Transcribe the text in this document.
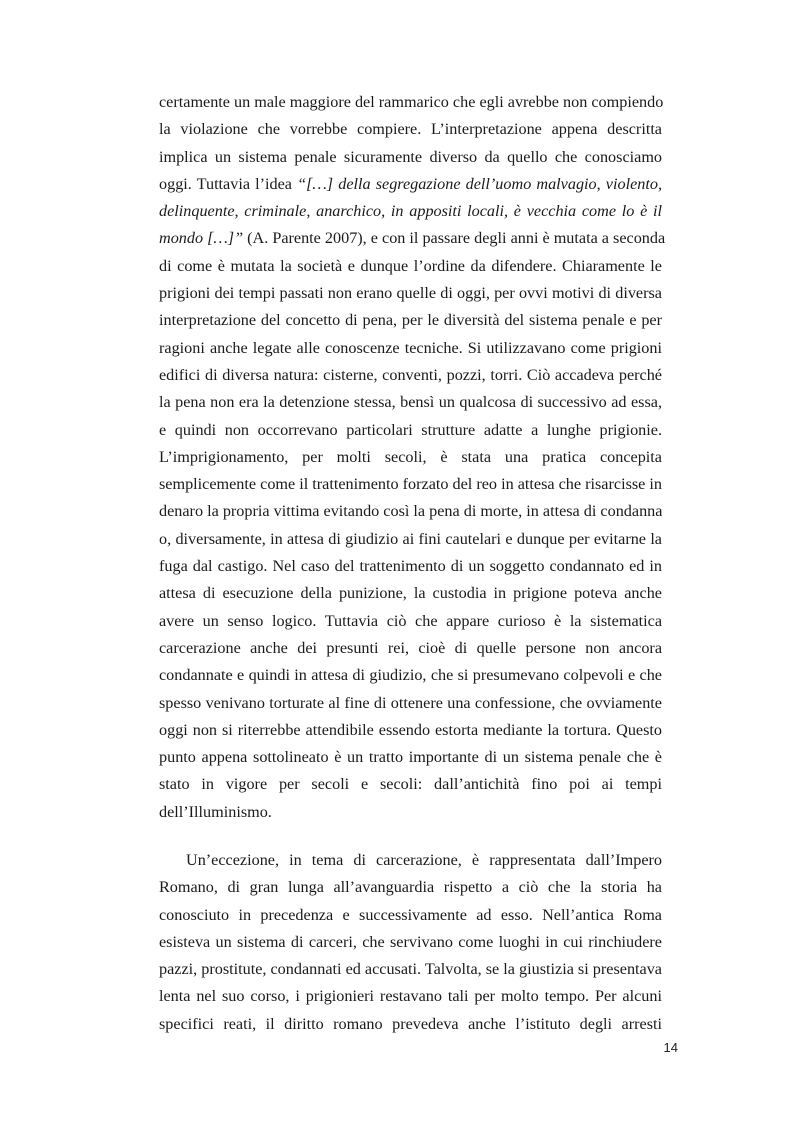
certamente un male maggiore del rammarico che egli avrebbe non compiendo
la violazione che vorrebbe compiere. L’interpretazione appena descritta
implica un sistema penale sicuramente diverso da quello che conosciamo
oggi. Tuttavia l’idea “[…] della segregazione dell’uomo malvagio, violento,
delinquente, criminale, anarchico, in appositi locali, è vecchia come lo è il
mondo […]” (A. Parente 2007), e con il passare degli anni è mutata a seconda
di come è mutata la società e dunque l’ordine da difendere. Chiaramente le
prigioni dei tempi passati non erano quelle di oggi, per ovvi motivi di diversa
interpretazione del concetto di pena, per le diversità del sistema penale e per
ragioni anche legate alle conoscenze tecniche. Si utilizzavano come prigioni
edifici di diversa natura: cisterne, conventi, pozzi, torri. Ciò accadeva perché
la pena non era la detenzione stessa, bensì un qualcosa di successivo ad essa,
e quindi non occorrevano particolari strutture adatte a lunghe prigionie.
L’imprigionamento, per molti secoli, è stata una pratica concepita
semplicemente come il trattenimento forzato del reo in attesa che risarcisse in
denaro la propria vittima evitando così la pena di morte, in attesa di condanna
o, diversamente, in attesa di giudizio ai fini cautelari e dunque per evitarne la
fuga dal castigo. Nel caso del trattenimento di un soggetto condannato ed in
attesa di esecuzione della punizione, la custodia in prigione poteva anche
avere un senso logico. Tuttavia ciò che appare curioso è la sistematica
carcerazione anche dei presunti rei, cioè di quelle persone non ancora
condannate e quindi in attesa di giudizio, che si presumevano colpevoli e che
spesso venivano torturate al fine di ottenere una confessione, che ovviamente
oggi non si riterrebbe attendibile essendo estorta mediante la tortura. Questo
punto appena sottolineato è un tratto importante di un sistema penale che è
stato in vigore per secoli e secoli: dall’antichità fino poi ai tempi
dell’Illuminismo.
Un’eccezione, in tema di carcerazione, è rappresentata dall’Impero
Romano, di gran lunga all’avanguardia rispetto a ciò che la storia ha
conosciuto in precedenza e successivamente ad esso. Nell’antica Roma
esisteva un sistema di carceri, che servivano come luoghi in cui rinchiudere
pazzi, prostitute, condannati ed accusati. Talvolta, se la giustizia si presentava
lenta nel suo corso, i prigionieri restavano tali per molto tempo. Per alcuni
specifici reati, il diritto romano prevedeva anche l’istituto degli arresti
14
